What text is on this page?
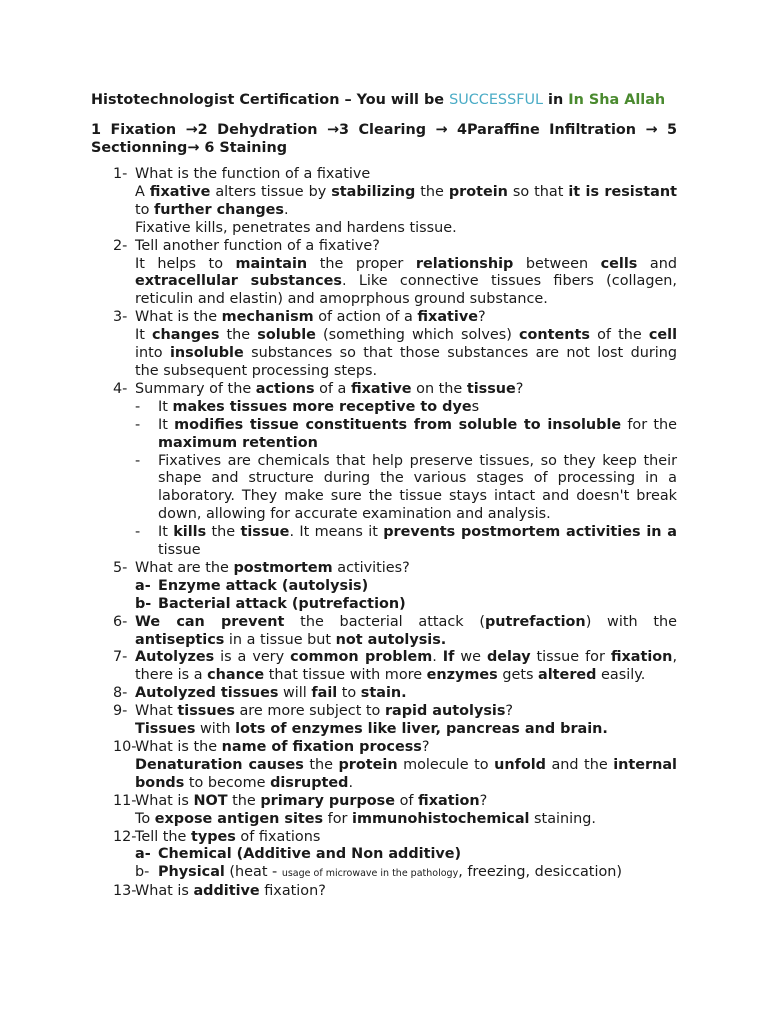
Histotechnologist Certification – You will be SUCCESSFUL in In Sha Allah
1 Fixation →2 Dehydration →3 Clearing → 4Paraffine Infiltration → 5 Sectionning→ 6 Staining
1- What is the function of a fixative
A fixative alters tissue by stabilizing the protein so that it is resistant to further changes.
Fixative kills, penetrates and hardens tissue.
2- Tell another function of a fixative?
It helps to maintain the proper relationship between cells and extracellular substances. Like connective tissues fibers (collagen, reticulin and elastin) and amoprphous ground substance.
3- What is the mechanism of action of a fixative?
It changes the soluble (something which solves) contents of the cell into insoluble substances so that those substances are not lost during the subsequent processing steps.
4- Summary of the actions of a fixative on the tissue?
- It makes tissues more receptive to dyes
- It modifies tissue constituents from soluble to insoluble for the maximum retention
- Fixatives are chemicals that help preserve tissues, so they keep their shape and structure during the various stages of processing in a laboratory. They make sure the tissue stays intact and doesn't break down, allowing for accurate examination and analysis.
- It kills the tissue. It means it prevents postmortem activities in a tissue
5- What are the postmortem activities?
a- Enzyme attack (autolysis)
b- Bacterial attack (putrefaction)
6- We can prevent the bacterial attack (putrefaction) with the antiseptics in a tissue but not autolysis.
7- Autolyzes is a very common problem. If we delay tissue for fixation, there is a chance that tissue with more enzymes gets altered easily.
8- Autolyzed tissues will fail to stain.
9- What tissues are more subject to rapid autolysis?
Tissues with lots of enzymes like liver, pancreas and brain.
10-
What is the name of fixation process?
Denaturation causes the protein molecule to unfold and the internal bonds to become disrupted.
11-
What is NOT the primary purpose of fixation?
To expose antigen sites for immunohistochemical staining.
12-
Tell the types of fixations
a- Chemical (Additive and Non additive)
b- Physical (heat - usage of microwave in the pathology, freezing, desiccation)
13-
What is additive fixation?
